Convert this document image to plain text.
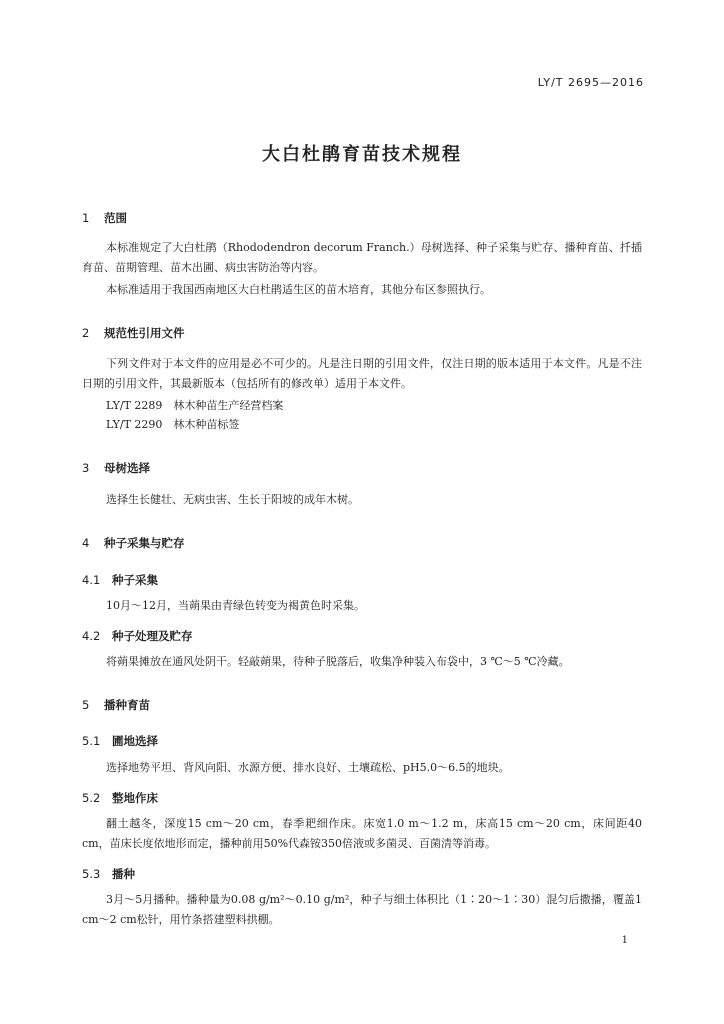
LY/T 2695—2016
大白杜鹃育苗技术规程
1 范围
本标准规定了大白杜鹃（Rhododendron decorum Franch.）母树选择、种子采集与贮存、播种育苗、扦插育苗、苗期管理、苗木出圃、病虫害防治等内容。
本标准适用于我国西南地区大白杜鹃适生区的苗木培育，其他分布区参照执行。
2 规范性引用文件
下列文件对于本文件的应用是必不可少的。凡是注日期的引用文件，仅注日期的版本适用于本文件。凡是不注日期的引用文件，其最新版本（包括所有的修改单）适用于本文件。
LY/T 2289　林木种苗生产经营档案
LY/T 2290　林木种苗标签
3 母树选择
选择生长健壮、无病虫害、生长于阳坡的成年木树。
4 种子采集与贮存
4.1 种子采集
10月～12月，当蒴果由青绿色转变为褐黄色时采集。
4.2 种子处理及贮存
将蒴果摊放在通风处阴干。轻敲蒴果，待种子脱落后，收集净种装入布袋中，3 ℃～5 ℃冷藏。
5 播种育苗
5.1 圃地选择
选择地势平坦、背风向阳、水源方便、排水良好、土壤疏松、pH5.0～6.5的地块。
5.2 整地作床
翻土越冬，深度15 cm～20 cm，春季耙细作床。床宽1.0 m～1.2 m，床高15 cm～20 cm，床间距40 cm，苗床长度依地形而定，播种前用50%代森铵350倍液或多菌灵、百菌清等消毒。
5.3 播种
3月～5月播种。播种量为0.08 g/m²～0.10 g/m²，种子与细土体积比（1∶20～1∶30）混匀后撒播，覆盖1 cm～2 cm松针，用竹条搭建塑料拱棚。
1
